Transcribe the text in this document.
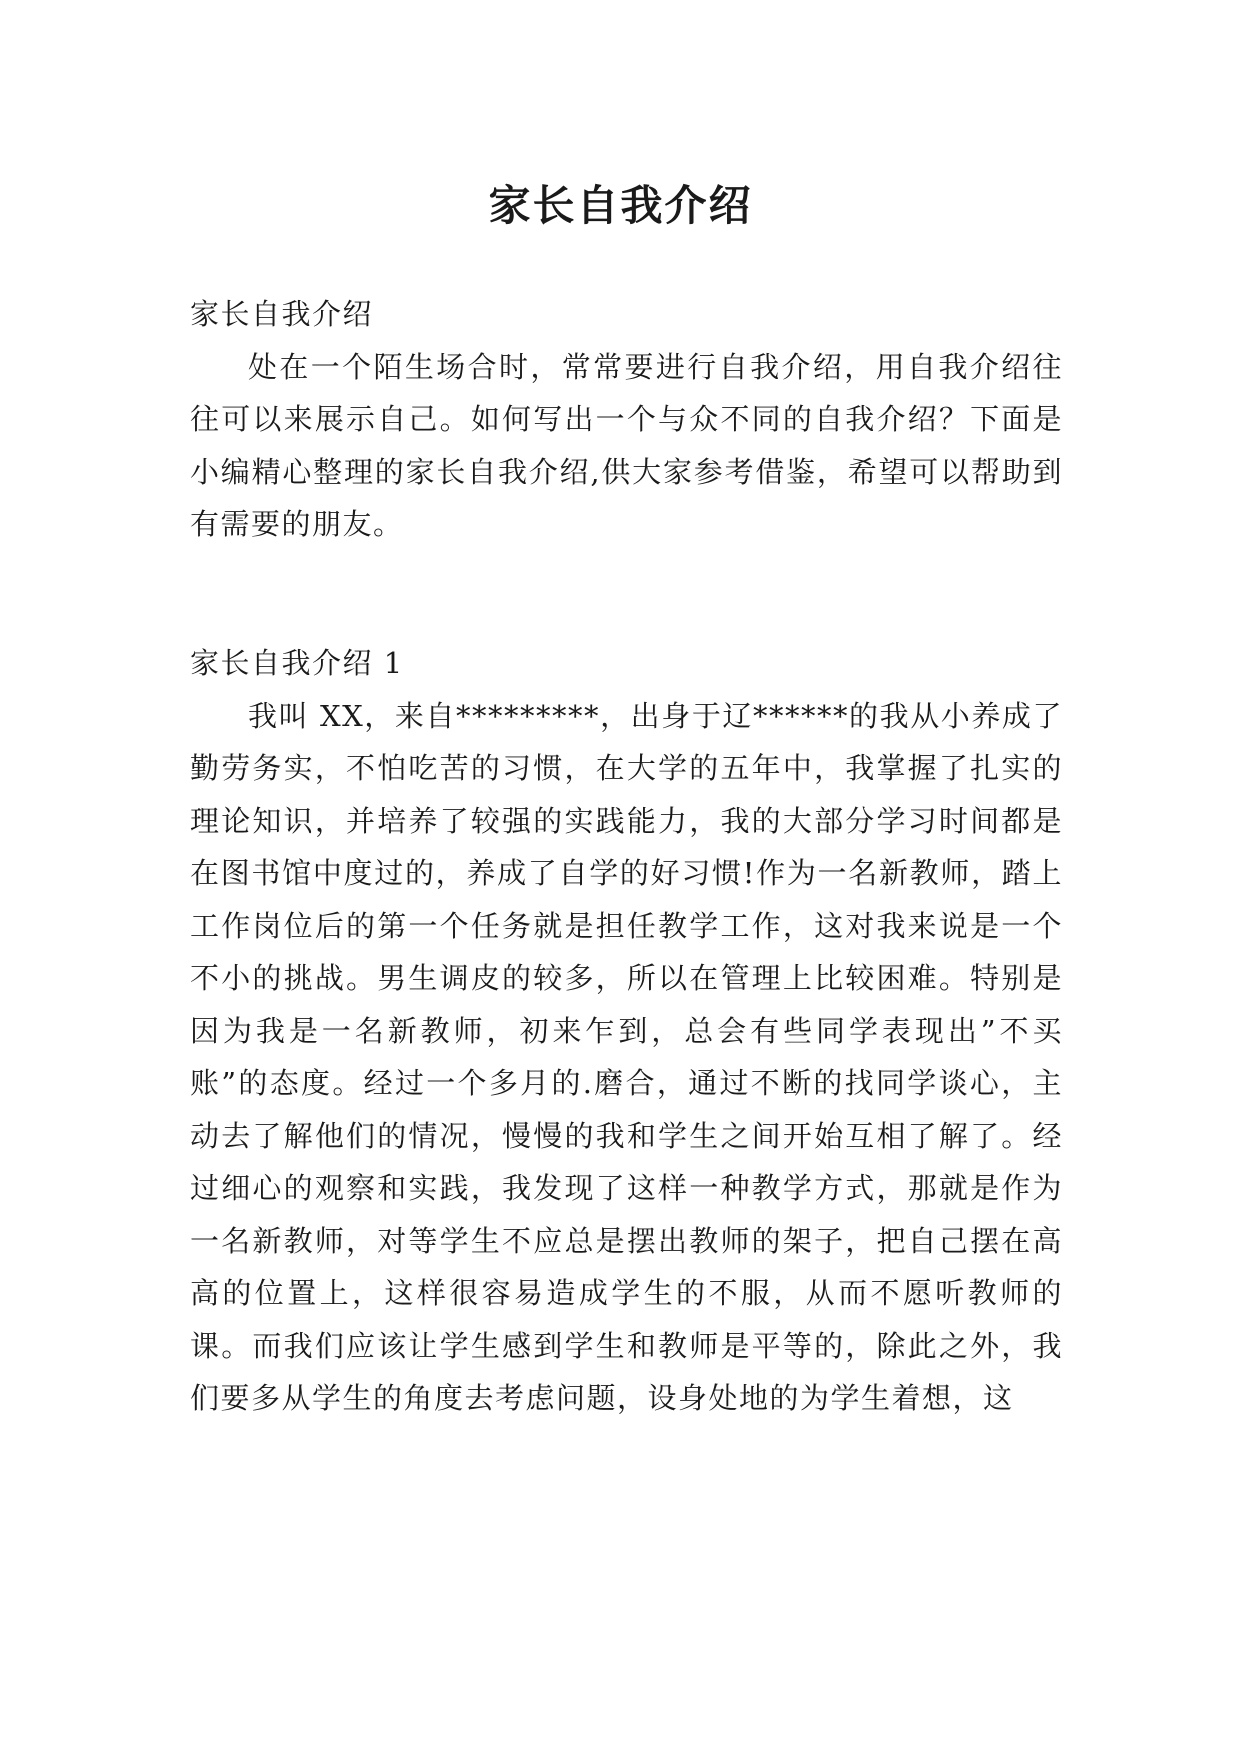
家长自我介绍

家长自我介绍

处在一个陌生场合时，常常要进行自我介绍，用自我介绍往往可以来展示自己。如何写出一个与众不同的自我介绍？下面是小编精心整理的家长自我介绍,供大家参考借鉴，希望可以帮助到有需要的朋友。

家长自我介绍 1

我叫 XX，来自*********，出身于辽******的我从小养成了勤劳务实，不怕吃苦的习惯，在大学的五年中，我掌握了扎实的理论知识，并培养了较强的实践能力，我的大部分学习时间都是在图书馆中度过的，养成了自学的好习惯!作为一名新教师，踏上工作岗位后的第一个任务就是担任教学工作，这对我来说是一个不小的挑战。男生调皮的较多，所以在管理上比较困难。特别是因为我是一名新教师，初来乍到，总会有些同学表现出”不买账”的态度。经过一个多月的.磨合，通过不断的找同学谈心，主动去了解他们的情况，慢慢的我和学生之间开始互相了解了。经过细心的观察和实践，我发现了这样一种教学方式，那就是作为一名新教师，对等学生不应总是摆出教师的架子，把自己摆在高高的位置上，这样很容易造成学生的不服，从而不愿听教师的课。而我们应该让学生感到学生和教师是平等的，除此之外，我们要多从学生的角度去考虑问题，设身处地的为学生着想，这
